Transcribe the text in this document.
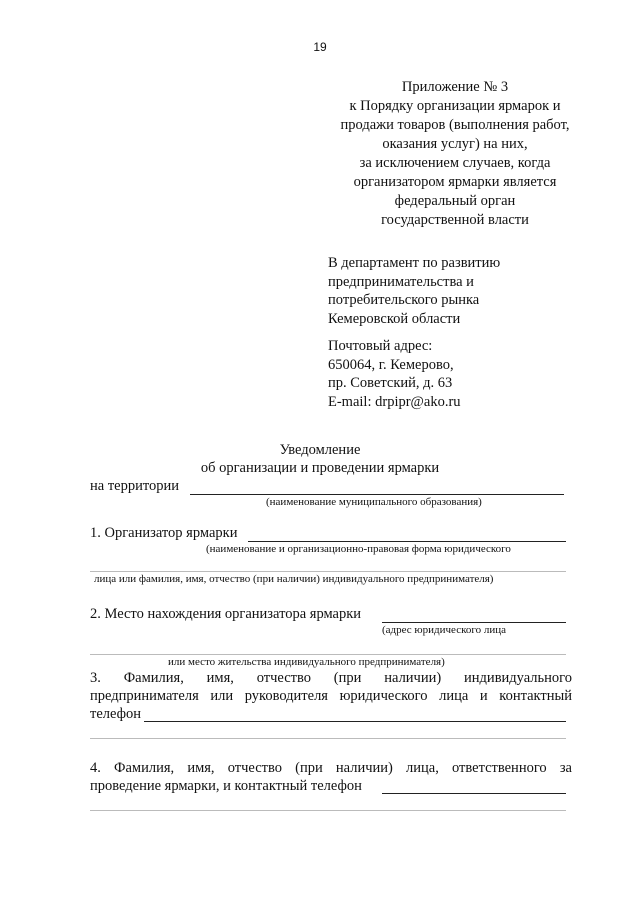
19
Приложение № 3
к Порядку организации ярмарок и
продажи товаров (выполнения работ,
оказания услуг) на них,
за исключением случаев, когда
организатором ярмарки является
федеральный орган
государственной власти
В департамент по развитию
предпринимательства и
потребительского рынка
Кемеровской области
Почтовый адрес:
650064, г. Кемерово,
пр. Советский, д. 63
E-mail: drpipr@ako.ru
Уведомление
об организации и проведении ярмарки
на территории
(наименование муниципального образования)
1. Организатор ярмарки
(наименование и организационно-правовая форма юридического
лица или фамилия, имя, отчество (при наличии) индивидуального предпринимателя)
2. Место нахождения организатора ярмарки
(адрес юридического лица
или место жительства индивидуального предпринимателя)
3. Фамилия, имя, отчество (при наличии) индивидуального
предпринимателя или руководителя юридического лица и контактный
телефон
4. Фамилия, имя, отчество (при наличии) лица, ответственного за
проведение ярмарки, и контактный телефон
